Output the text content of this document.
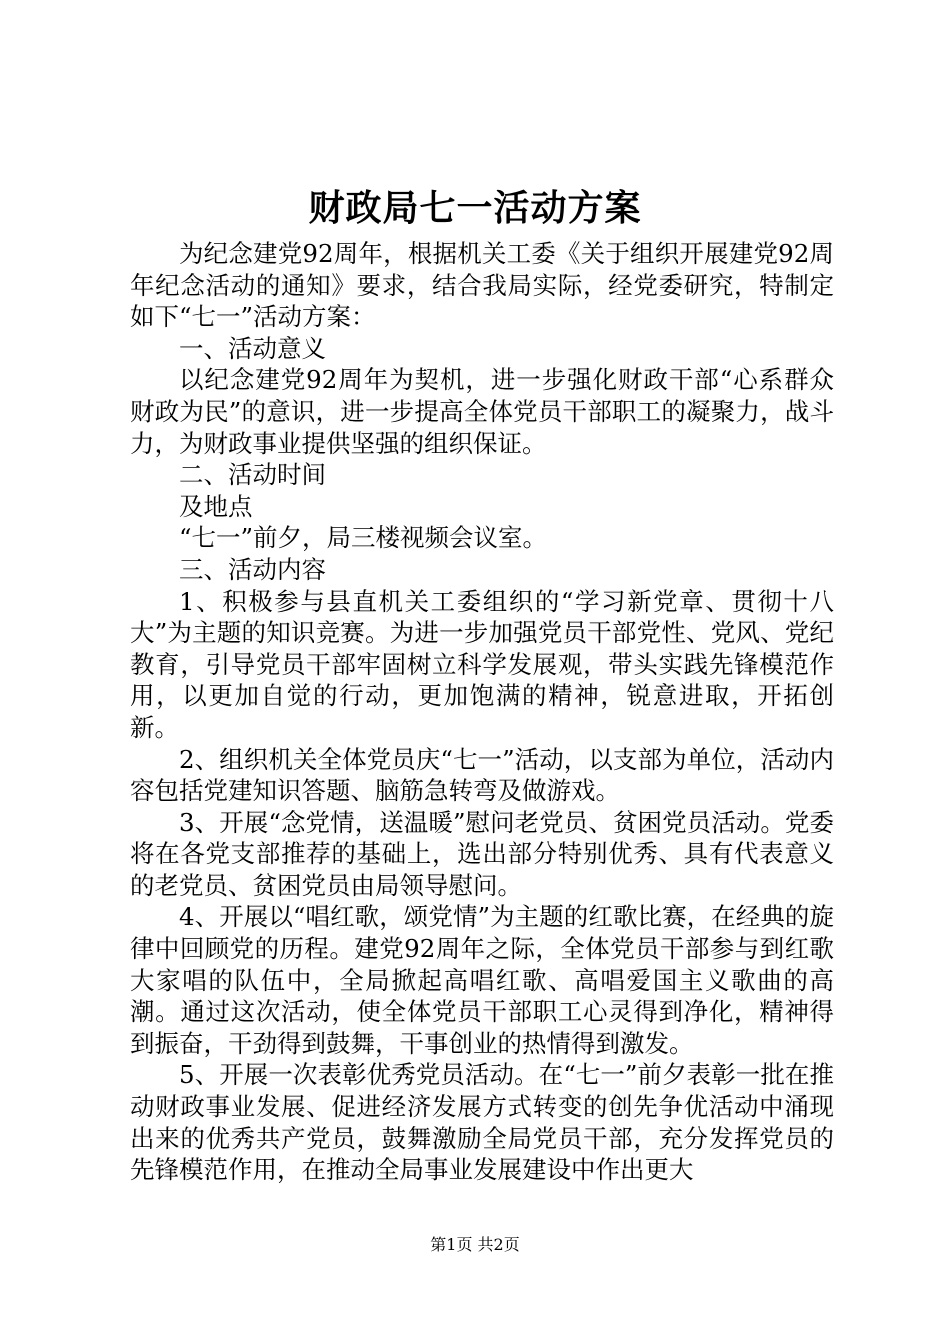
财政局七一活动方案

为纪念建党92周年，根据机关工委《关于组织开展建党92周年纪念活动的通知》要求，结合我局实际，经党委研究，特制定如下“七一”活动方案：

一、活动意义

以纪念建党92周年为契机，进一步强化财政干部“心系群众财政为民”的意识，进一步提高全体党员干部职工的凝聚力，战斗力，为财政事业提供坚强的组织保证。

二、活动时间

及地点

“七一”前夕，局三楼视频会议室。

三、活动内容

1、积极参与县直机关工委组织的“学习新党章、贯彻十八大”为主题的知识竞赛。为进一步加强党员干部党性、党风、党纪教育，引导党员干部牢固树立科学发展观，带头实践先锋模范作用，以更加自觉的行动，更加饱满的精神，锐意进取，开拓创新。

2、组织机关全体党员庆“七一”活动，以支部为单位，活动内容包括党建知识答题、脑筋急转弯及做游戏。

3、开展“念党情，送温暖”慰问老党员、贫困党员活动。党委将在各党支部推荐的基础上，选出部分特别优秀、具有代表意义的老党员、贫困党员由局领导慰问。

4、开展以“唱红歌，颂党情”为主题的红歌比赛，在经典的旋律中回顾党的历程。建党92周年之际，全体党员干部参与到红歌大家唱的队伍中，全局掀起高唱红歌、高唱爱国主义歌曲的高潮。通过这次活动，使全体党员干部职工心灵得到净化，精神得到振奋，干劲得到鼓舞，干事创业的热情得到激发。

5、开展一次表彰优秀党员活动。在“七一”前夕表彰一批在推动财政事业发展、促进经济发展方式转变的创先争优活动中涌现出来的优秀共产党员，鼓舞激励全局党员干部，充分发挥党员的先锋模范作用，在推动全局事业发展建设中作出更大

第1页 共2页
